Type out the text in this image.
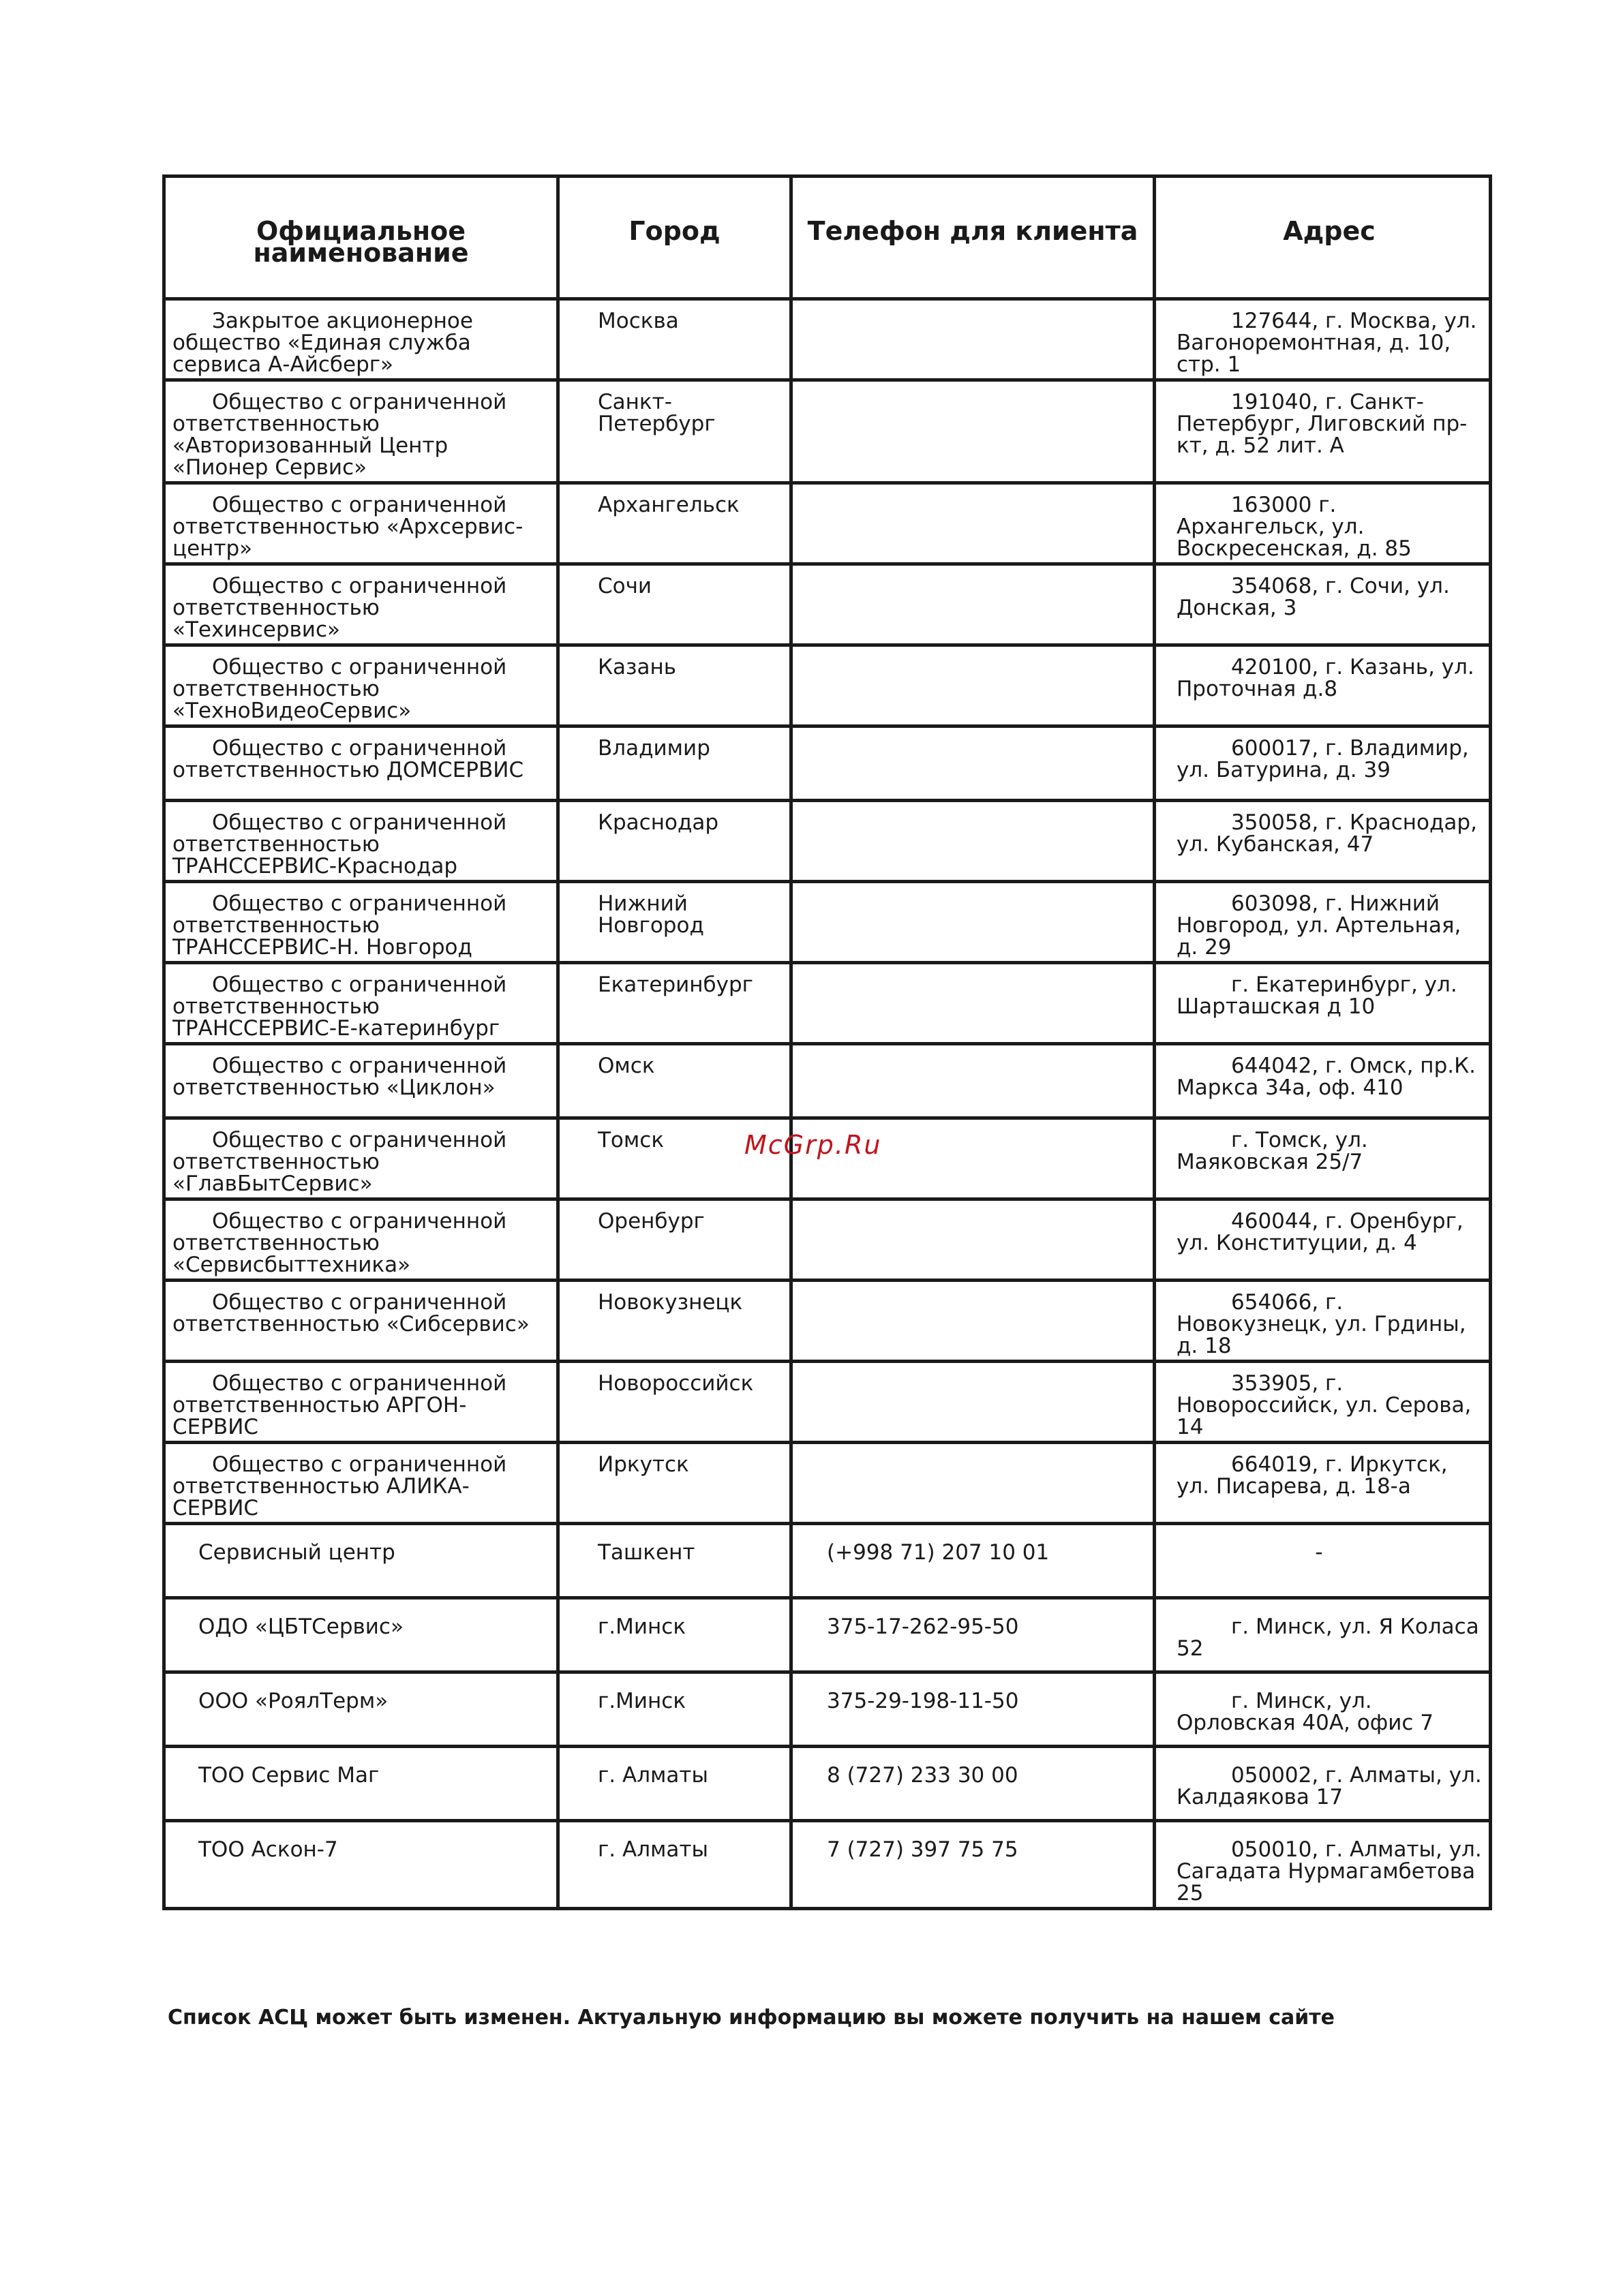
Официальное наименование	Город	Телефон для клиента	Адрес

Закрытое акционерное общество «Единая служба сервиса А-Айсберг»	Москва		127644, г. Москва, ул. Вагоноремонтная, д. 10, стр. 1

Общество с ограниченной ответственностью «Авторизованный Центр «Пионер Сервис»	Санкт-Петербург		191040, г. Санкт-Петербург, Лиговский пр-кт, д. 52 лит. А

Общество с ограниченной ответственностью «Архсервис-центр»	Архангельск		163000 г. Архангельск, ул. Воскресенская, д. 85

Общество с ограниченной ответственностью «Техинсервис»	Сочи		354068, г. Сочи, ул. Донская, 3

Общество с ограниченной ответственностью «ТехноВидеоСервис»	Казань		420100, г. Казань, ул. Проточная д.8

Общество с ограниченной ответственностью ДОМСЕРВИС	Владимир		600017, г. Владимир, ул. Батурина, д. 39

Общество с ограниченной ответственностью ТРАНССЕРВИС-Краснодар	Краснодар		350058, г. Краснодар, ул. Кубанская, 47

Общество с ограниченной ответственностью ТРАНССЕРВИС-Н. Новгород	Нижний Новгород		603098, г. Нижний Новгород, ул. Артельная, д. 29

Общество с ограниченной ответственностью ТРАНССЕРВИС-Е-катеринбург	Екатеринбург		г. Екатеринбург, ул. Шарташская д 10

Общество с ограниченной ответственностью «Циклон»	Омск		644042, г. Омск, пр.К. Маркса 34а, оф. 410

Общество с ограниченной ответственностью «ГлавБытСервис»	Томск		г. Томск, ул. Маяковская 25/7

Общество с ограниченной ответственностью «Сервисбыттехника»	Оренбург		460044, г. Оренбург, ул. Конституции, д. 4

Общество с ограниченной ответственностью «Сибсервис»	Новокузнецк		654066, г. Новокузнецк, ул. Грдины, д. 18

Общество с ограниченной ответственностью АРГОН-СЕРВИС	Новороссийск		353905, г. Новороссийск, ул. Серова, 14

Общество с ограниченной ответственностью АЛИКА-СЕРВИС	Иркутск		664019, г. Иркутск, ул. Писарева, д. 18-а

Сервисный центр	Ташкент	(+998 71) 207 10 01	-

ОДО «ЦБТСервис»	г.Минск	375-17-262-95-50	г. Минск, ул. Я Коласа 52

ООО «РоялТерм»	г.Минск	375-29-198-11-50	г. Минск, ул. Орловская 40А, офис 7

ТОО Сервис Маг	г. Алматы	8 (727) 233 30 00	050002, г. Алматы, ул. Калдаякова 17

ТОО Аскон-7	г. Алматы	7 (727) 397 75 75	050010, г. Алматы, ул. Сагадата Нурмагамбетова 25
McGrp.Ru
Список АСЦ может быть изменен. Актуальную информацию вы можете получить на нашем сайте
